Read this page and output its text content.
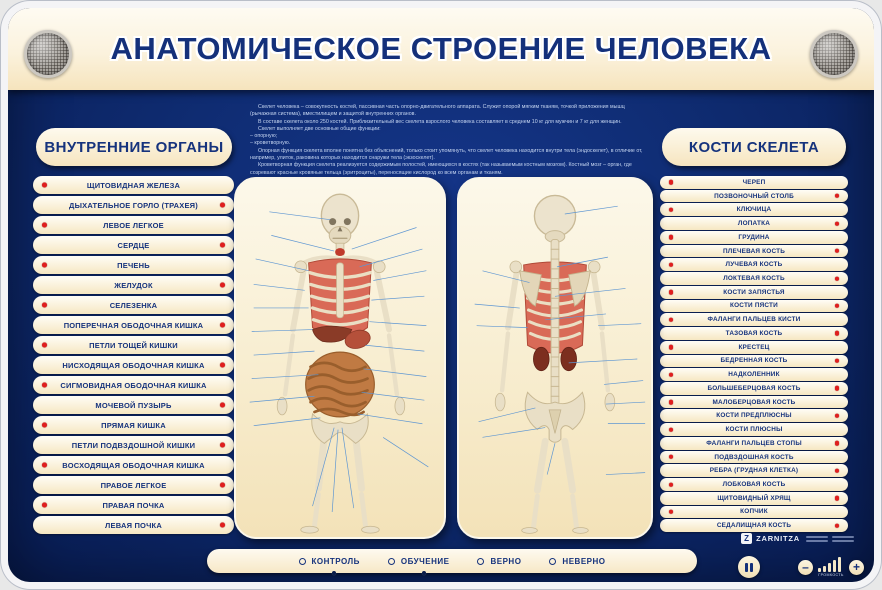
АНАТОМИЧЕСКОЕ СТРОЕНИЕ ЧЕЛОВЕКА
ВНУТРЕННИЕ ОРГАНЫ	КОСТИ СКЕЛЕТА
Скелет человека – совокупность костей, пассивная часть опорно-двигательного аппарата. Служит опорой мягким тканям, точкой приложения мышц (рычажная система), вместилищем и защитой внутренних органов.
В составе скелета около 250 костей. Приблизительный вес скелета взрослого человека составляет в среднем 10 кг для мужчин и 7 кг для женщин.
Скелет выполняет две основные общие функции:
– опорную;
– кроветворную.
Опорная функция скелета вполне понятна без объяснений, только стоит упомянуть, что скелет человека находится внутри тела (эндоскелет), в отличие от, например, улиток, раковина которых находится снаружи тела (экзоскелет).
Кроветворная функция скелета реализуется содержимым полостей, имеющихся в костях (так называемым костным мозгом). Костный мозг – орган, где созревают красные кровяные тельца (эритроциты), переносящие кислород ко всем органам и тканям.
ЩИТОВИДНАЯ ЖЕЛЕЗА
ДЫХАТЕЛЬНОЕ ГОРЛО (ТРАХЕЯ)
ЛЕВОЕ ЛЕГКОЕ
СЕРДЦЕ
ПЕЧЕНЬ
ЖЕЛУДОК
СЕЛЕЗЕНКА
ПОПЕРЕЧНАЯ ОБОДОЧНАЯ КИШКА
ПЕТЛИ ТОЩЕЙ КИШКИ
НИСХОДЯЩАЯ ОБОДОЧНАЯ КИШКА
СИГМОВИДНАЯ ОБОДОЧНАЯ КИШКА
МОЧЕВОЙ ПУЗЫРЬ
ПРЯМАЯ КИШКА
ПЕТЛИ ПОДВЗДОШНОЙ КИШКИ
ВОСХОДЯЩАЯ ОБОДОЧНАЯ КИШКА
ПРАВОЕ ЛЕГКОЕ
ПРАВАЯ ПОЧКА
ЛЕВАЯ ПОЧКА
ЧЕРЕП
ПОЗВОНОЧНЫЙ СТОЛБ
КЛЮЧИЦА
ЛОПАТКА
ГРУДИНА
ПЛЕЧЕВАЯ КОСТЬ
ЛУЧЕВАЯ КОСТЬ
ЛОКТЕВАЯ КОСТЬ
КОСТИ ЗАПЯСТЬЯ
КОСТИ ПЯСТИ
ФАЛАНГИ ПАЛЬЦЕВ КИСТИ
ТАЗОВАЯ КОСТЬ
КРЕСТЕЦ
БЕДРЕННАЯ КОСТЬ
НАДКОЛЕННИК
БОЛЬШЕБЕРЦОВАЯ КОСТЬ
МАЛОБЕРЦОВАЯ КОСТЬ
КОСТИ ПРЕДПЛЮСНЫ
КОСТИ ПЛЮСНЫ
ФАЛАНГИ ПАЛЬЦЕВ СТОПЫ
ПОДВЗДОШНАЯ КОСТЬ
РЕБРА (ГРУДНАЯ КЛЕТКА)
ЛОБКОВАЯ КОСТЬ
ЩИТОВИДНЫЙ ХРЯЩ
КОПЧИК
СЕДАЛИЩНАЯ КОСТЬ
Z ZARNITZA
КОНТРОЛЬ	ОБУЧЕНИЕ	ВЕРНО	НЕВЕРНО	–
ГРОМКОСТЬ
+
